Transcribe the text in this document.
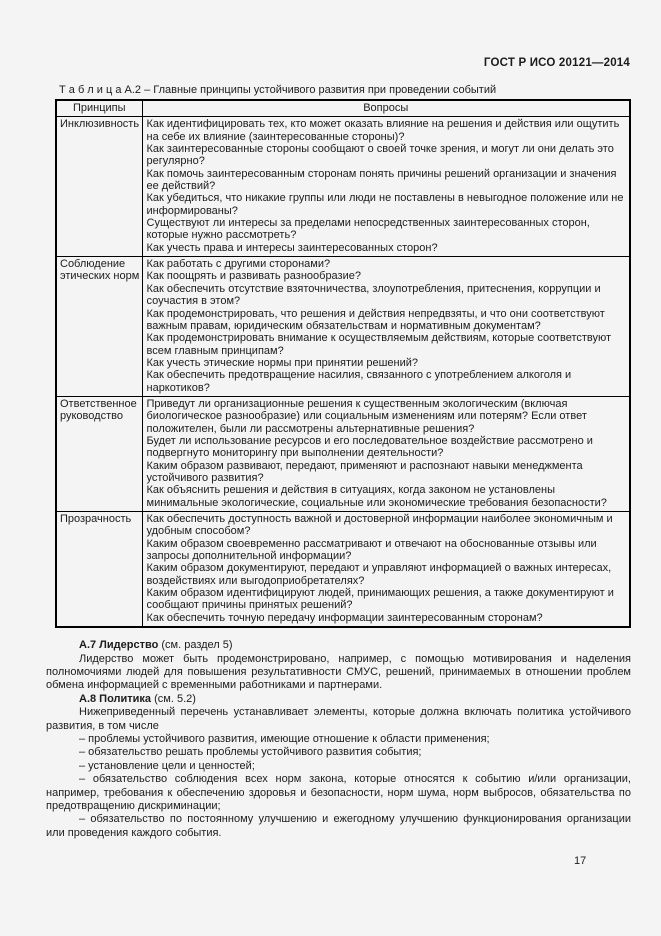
ГОСТ Р ИСО 20121—2014
Т а б л и ц а А.2 – Главные принципы устойчивого развития при проведении событий
Принципы	Вопросы
Инклюзивность	Как идентифицировать тех, кто может оказать влияние на решения и действия или ощутить на себе их влияние (заинтересованные стороны)?
Как заинтересованные стороны сообщают о своей точке зрения, и могут ли они делать это регулярно?
Как помочь заинтересованным сторонам понять причины решений организации и значения ее действий?
Как убедиться, что никакие группы или люди не поставлены в невыгодное положение или не информированы?
Существуют ли интересы за пределами непосредственных заинтересованных сторон, которые нужно рассмотреть?
Как учесть права и интересы заинтересованных сторон?

Соблюдение этических норм	
Как работать с другими сторонами?
Как поощрять и развивать разнообразие?
Как обеспечить отсутствие взяточничества, злоупотребления, притеснения, коррупции и соучастия в этом?
Как продемонстрировать, что решения и действия непредвзяты, и что они соответствуют важным правам, юридическим обязательствам и нормативным документам?
Как продемонстрировать внимание к осуществляемым действиям, которые соответствуют всем главным принципам?
Как учесть этические нормы при принятии решений?
Как обеспечить предотвращение насилия, связанного с употреблением алкоголя и наркотиков?

Ответственное руководство	Приведут ли организационные решения к существенным экологическим (включая биологическое разнообразие) или социальным изменениям или потерям? Если ответ положителен, были ли рассмотрены альтернативные решения?
Будет ли использование ресурсов и его последовательное воздействие рассмотрено и подвергнуто мониторингу при выполнении деятельности?
Каким образом развивают, передают, применяют и распознают навыки менеджмента устойчивого развития?
Как объяснить решения и действия в ситуациях, когда законом не установлены минимальные экологические, социальные или экономические требования безопасности?

Прозрачность	Как обеспечить доступность важной и достоверной информации наиболее экономичным и удобным способом?
Каким образом своевременно рассматривают и отвечают на обоснованные отзывы или запросы дополнительной информации?
Каким образом документируют, передают и управляют информацией о важных интересах, воздействиях или выгодоприобретателях?
Каким образом идентифицируют людей, принимающих решения, а также документируют и сообщают причины принятых решений?
Как обеспечить точную передачу информации заинтересованным сторонам?

А.7 Лидерство (см. раздел 5)

Лидерство может быть продемонстрировано, например, с помощью мотивирования и наделения полномочиями людей для повышения результативности СМУС, решений, принимаемых в отношении проблем обмена информацией с временными работниками и партнерами.

А.8 Политика (см. 5.2)

Нижеприведенный перечень устанавливает элементы, которые должна включать политика устойчивого развития, в том числе

– проблемы устойчивого развития, имеющие отношение к области применения;

– обязательство решать проблемы устойчивого развития события;

– установление цели и ценностей;

– обязательство соблюдения всех норм закона, которые относятся к событию и/или организации, например, требования к обеспечению здоровья и безопасности, норм шума, норм выбросов, обязательства по предотвращению дискриминации;

– обязательство по постоянному улучшению и ежегодному улучшению функционирования организации или проведения каждого события.

17
